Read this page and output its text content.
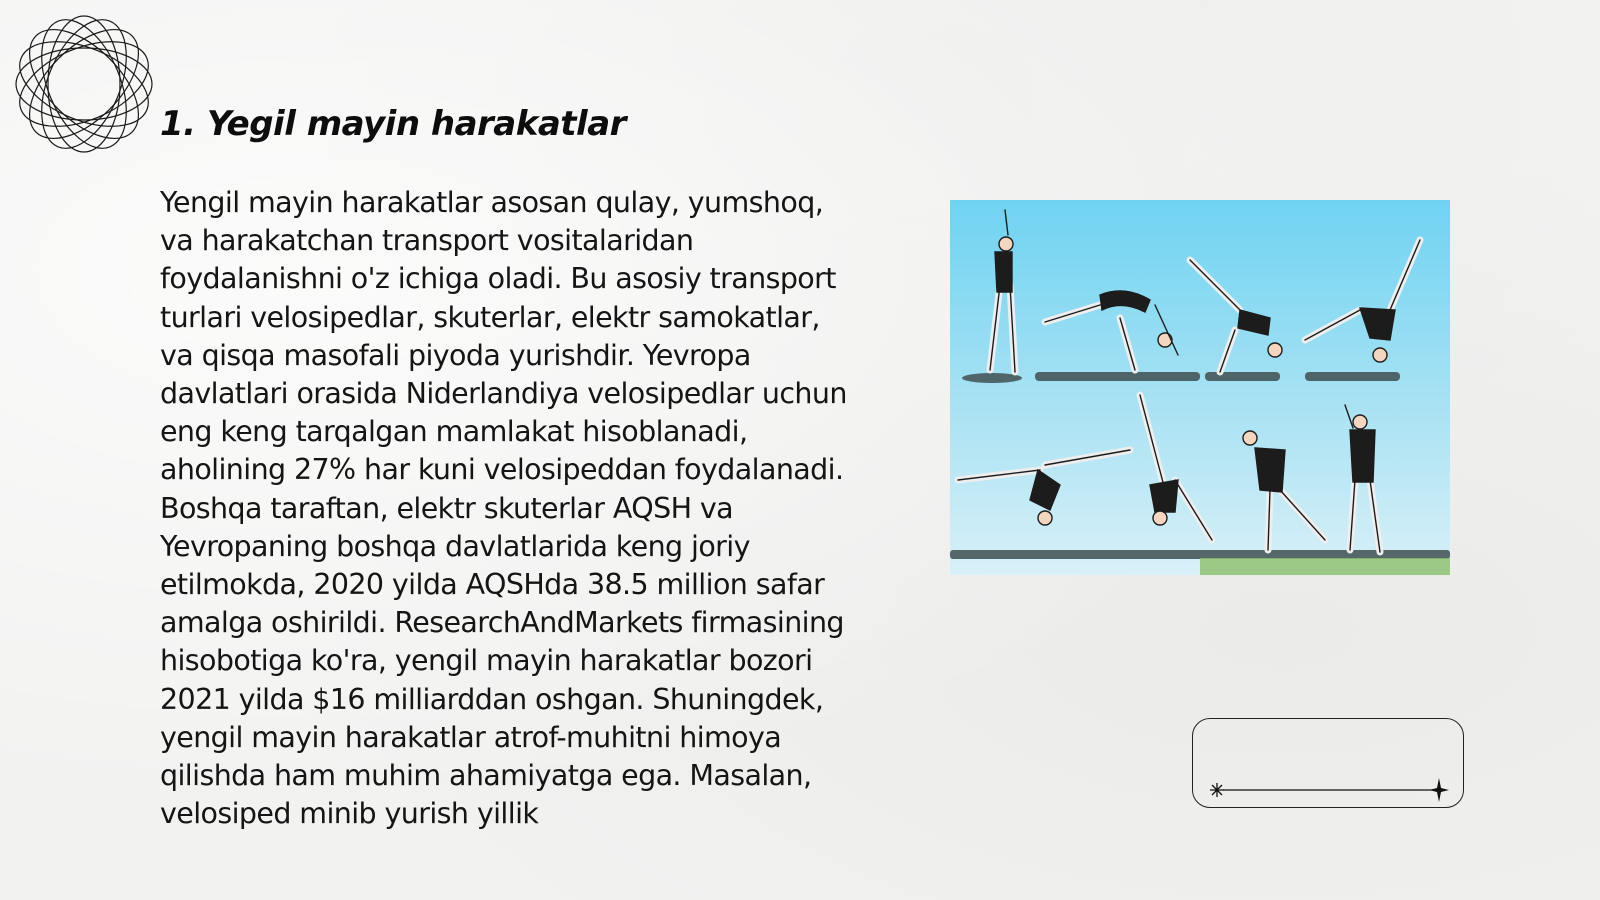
1. Yegil mayin harakatlar

Yengil mayin harakatlar asosan qulay, yumshoq, va harakatchan transport vositalaridan foydalanishni o'z ichiga oladi. Bu asosiy transport turlari velosipedlar, skuterlar, elektr samokatlar, va qisqa masofali piyoda yurishdir. Yevropa davlatlari orasida Niderlandiya velosipedlar uchun eng keng tarqalgan mamlakat hisoblanadi, aholining 27% har kuni velosipeddan foydalanadi. Boshqa taraftan, elektr skuterlar AQSH va Yevropaning boshqa davlatlarida keng joriy etilmokda, 2020 yilda AQSHda 38.5 million safar amalga oshirildi. ResearchAndMarkets firmasining hisobotiga ko'ra, yengil mayin harakatlar bozori 2021 yilda $16 milliarddan oshgan. Shuningdek, yengil mayin harakatlar atrof-muhitni himoya qilishda ham muhim ahamiyatga ega. Masalan, velosiped minib yurish yillik
